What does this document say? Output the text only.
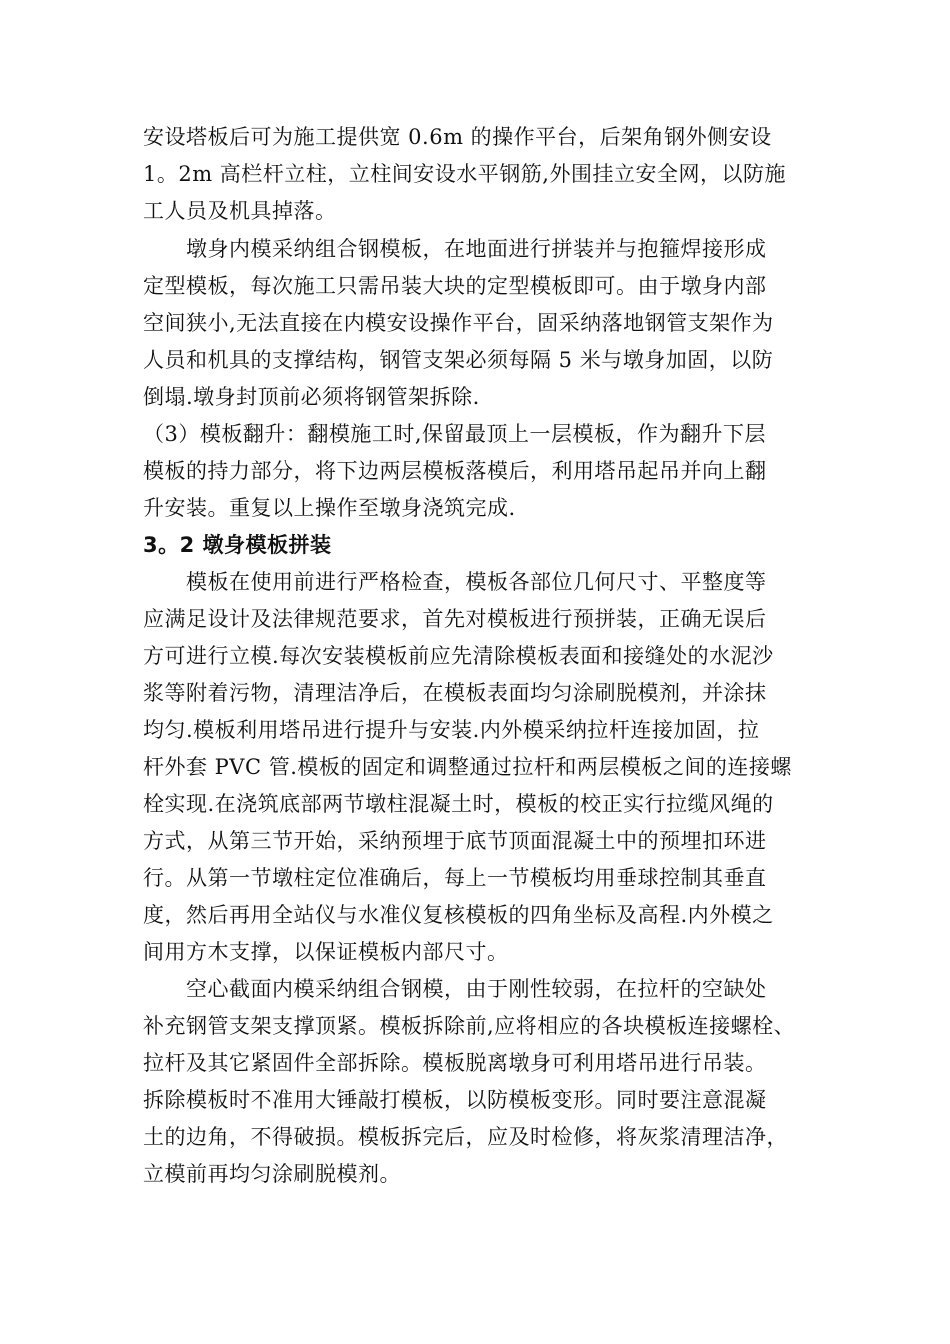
安设塔板后可为施工提供宽 0.6m 的操作平台，后架角钢外侧安设
1。2m 高栏杆立柱，立柱间安设水平钢筋,外围挂立安全网，以防施
工人员及机具掉落。
墩身内模采纳组合钢模板，在地面进行拼装并与抱箍焊接形成
定型模板，每次施工只需吊装大块的定型模板即可。由于墩身内部
空间狭小,无法直接在内模安设操作平台，固采纳落地钢管支架作为
人员和机具的支撑结构，钢管支架必须每隔 5 米与墩身加固，以防
倒塌.墩身封顶前必须将钢管架拆除.
（3）模板翻升：翻模施工时,保留最顶上一层模板，作为翻升下层
模板的持力部分，将下边两层模板落模后，利用塔吊起吊并向上翻
升安装。重复以上操作至墩身浇筑完成.
3。2 墩身模板拼装
模板在使用前进行严格检查，模板各部位几何尺寸、平整度等
应满足设计及法律规范要求，首先对模板进行预拼装，正确无误后
方可进行立模.每次安装模板前应先清除模板表面和接缝处的水泥沙
浆等附着污物，清理洁净后，在模板表面均匀涂刷脱模剂，并涂抹
均匀.模板利用塔吊进行提升与安装.内外模采纳拉杆连接加固，拉
杆外套 PVC 管.模板的固定和调整通过拉杆和两层模板之间的连接螺
栓实现.在浇筑底部两节墩柱混凝土时，模板的校正实行拉缆风绳的
方式，从第三节开始，采纳预埋于底节顶面混凝土中的预埋扣环进
行。从第一节墩柱定位准确后，每上一节模板均用垂球控制其垂直
度，然后再用全站仪与水准仪复核模板的四角坐标及高程.内外模之
间用方木支撑，以保证模板内部尺寸。
空心截面内模采纳组合钢模，由于刚性较弱，在拉杆的空缺处
补充钢管支架支撑顶紧。模板拆除前,应将相应的各块模板连接螺栓、
拉杆及其它紧固件全部拆除。模板脱离墩身可利用塔吊进行吊装。
拆除模板时不准用大锤敲打模板，以防模板变形。同时要注意混凝
土的边角，不得破损。模板拆完后，应及时检修，将灰浆清理洁净，
立模前再均匀涂刷脱模剂。
